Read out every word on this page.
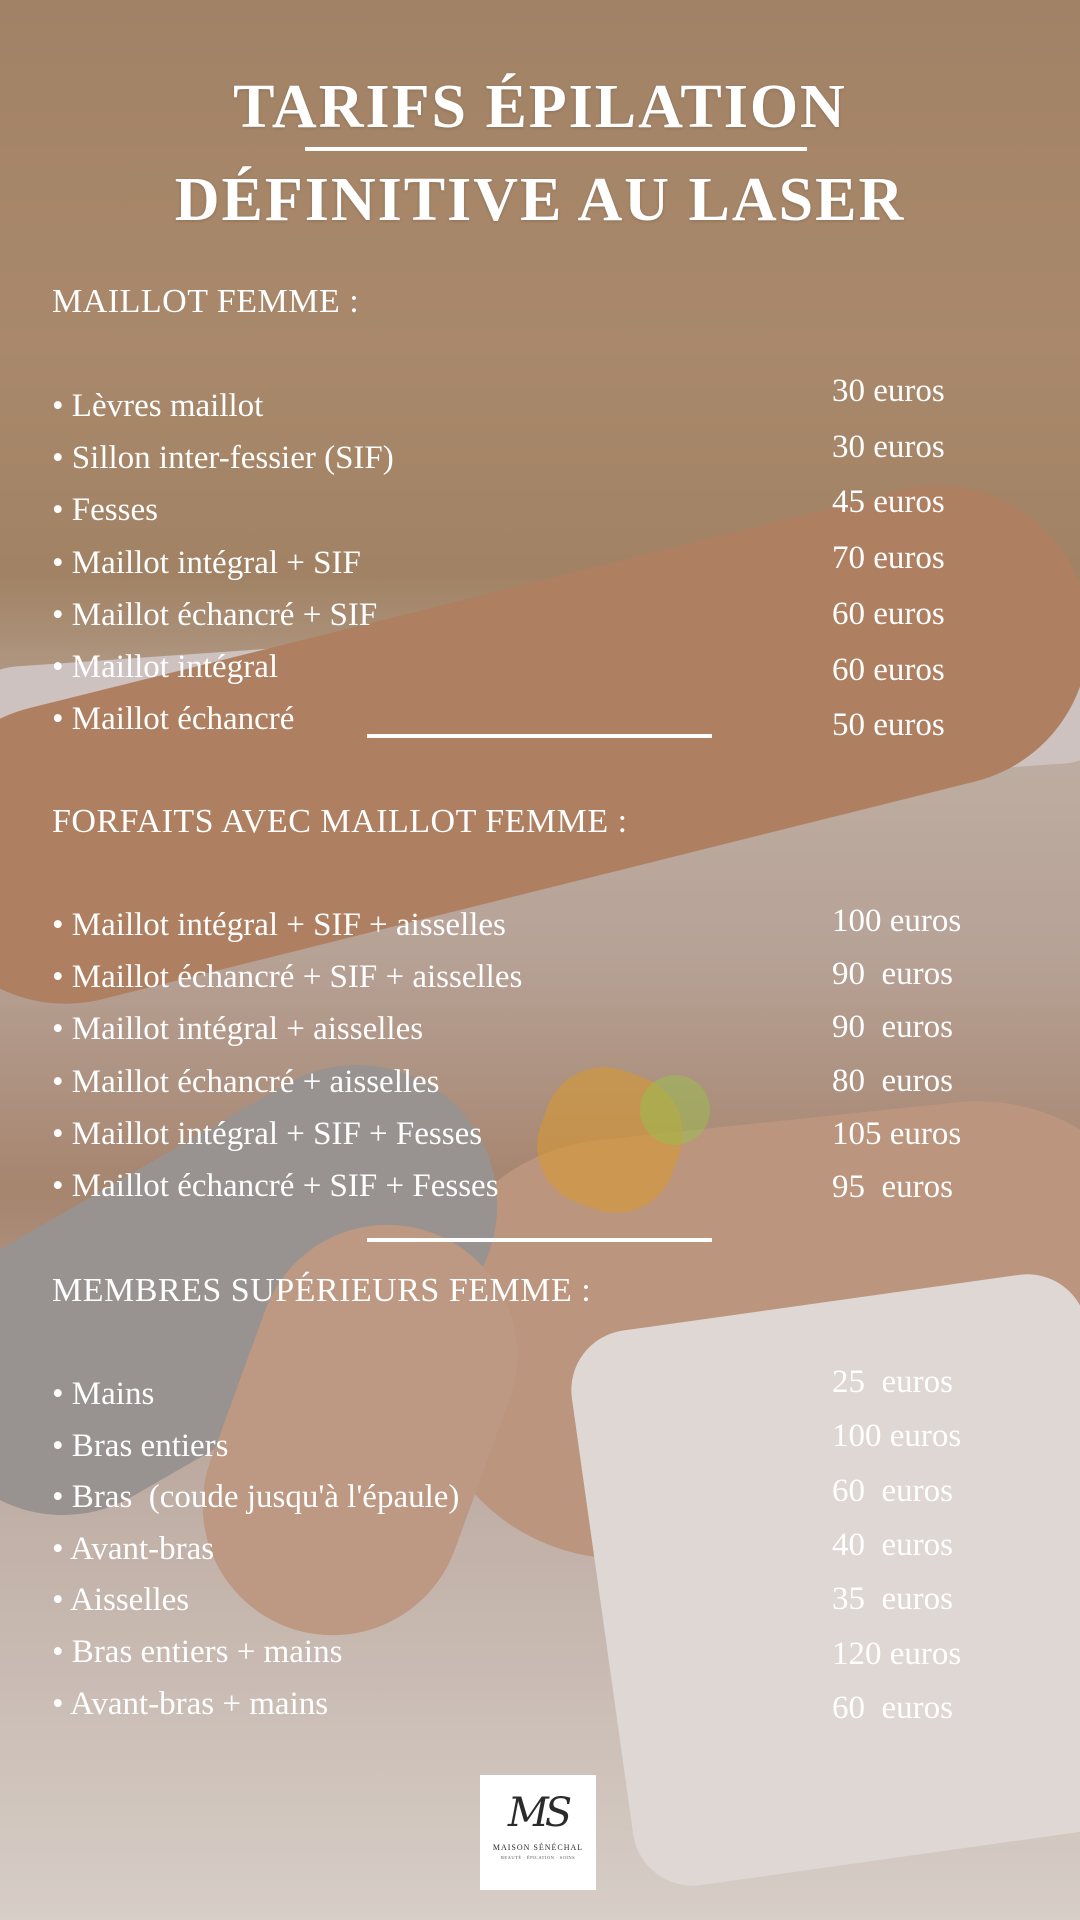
TARIFS ÉPILATION
DÉFINITIVE AU LASER
MAILLOT FEMME :
• Lèvres maillot	30 euros
• Sillon inter-fessier (SIF)	30 euros
• Fesses	45 euros
• Maillot intégral + SIF	70 euros
• Maillot échancré + SIF	60 euros
• Maillot intégral	60 euros
• Maillot échancré	50 euros
FORFAITS AVEC MAILLOT FEMME :
• Maillot intégral + SIF + aisselles	100 euros
• Maillot échancré + SIF + aisselles	90  euros
• Maillot intégral + aisselles	90  euros
• Maillot échancré + aisselles	80  euros
• Maillot intégral + SIF + Fesses	105 euros
• Maillot échancré + SIF + Fesses	95  euros
MEMBRES SUPÉRIEURS FEMME :
• Mains	25  euros
• Bras entiers	100 euros
• Bras  (coude jusqu'à l'épaule)	60  euros
• Avant-bras	40  euros
• Aisselles	35  euros
• Bras entiers + mains	120 euros
• Avant-bras + mains	60  euros
MS
MAISON SÉNÉCHAL
BEAUTÉ · ÉPILATION · SOINS
